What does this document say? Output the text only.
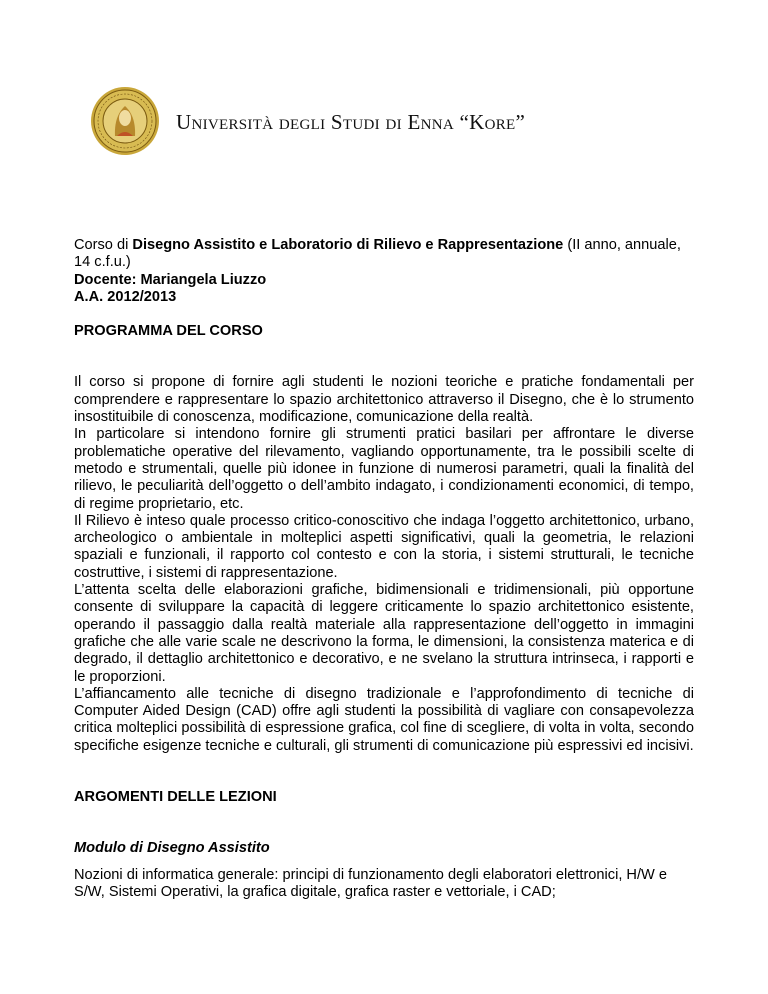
Università degli Studi di Enna “Kore”

Corso di Disegno Assistito e Laboratorio di Rilievo e Rappresentazione (II anno, annuale, 14 c.f.u.)

Docente: Mariangela Liuzzo

A.A. 2012/2013

PROGRAMMA DEL CORSO

Il corso si propone di fornire agli studenti le nozioni teoriche e pratiche fondamentali per comprendere e rappresentare lo spazio architettonico attraverso il Disegno, che è lo strumento insostituibile di conoscenza, modificazione, comunicazione della realtà.

In particolare si intendono fornire gli strumenti pratici basilari per affrontare le diverse problematiche operative del rilevamento, vagliando opportunamente, tra le possibili scelte di metodo e strumentali, quelle più idonee in funzione di numerosi parametri, quali la finalità del rilievo, le peculiarità dell’oggetto o dell’ambito indagato, i condizionamenti economici, di tempo, di regime proprietario, etc.

Il Rilievo è inteso quale processo critico-conoscitivo che indaga l’oggetto architettonico, urbano, archeologico o ambientale in molteplici aspetti significativi, quali la geometria, le relazioni spaziali e funzionali, il rapporto col contesto e con la storia, i sistemi strutturali, le tecniche costruttive, i sistemi di rappresentazione.

L’attenta scelta delle elaborazioni grafiche, bidimensionali e tridimensionali, più opportune consente di sviluppare la capacità di leggere criticamente lo spazio architettonico esistente, operando il passaggio dalla realtà materiale alla rappresentazione dell’oggetto in immagini grafiche che alle varie scale ne descrivono la forma, le dimensioni, la consistenza materica e di degrado, il dettaglio architettonico e decorativo, e ne svelano la struttura intrinseca, i rapporti e le proporzioni.

L’affiancamento alle tecniche di disegno tradizionale e l’approfondimento di tecniche di Computer Aided Design (CAD) offre agli studenti la possibilità di vagliare con consapevolezza critica molteplici possibilità di espressione grafica, col fine di scegliere, di volta in volta, secondo specifiche esigenze tecniche e culturali, gli strumenti di comunicazione più espressivi ed incisivi.

ARGOMENTI DELLE LEZIONI

Modulo di Disegno Assistito

Nozioni di informatica generale: principi di funzionamento degli elaboratori elettronici, H/W e S/W, Sistemi Operativi, la grafica digitale, grafica raster e vettoriale, i CAD;
